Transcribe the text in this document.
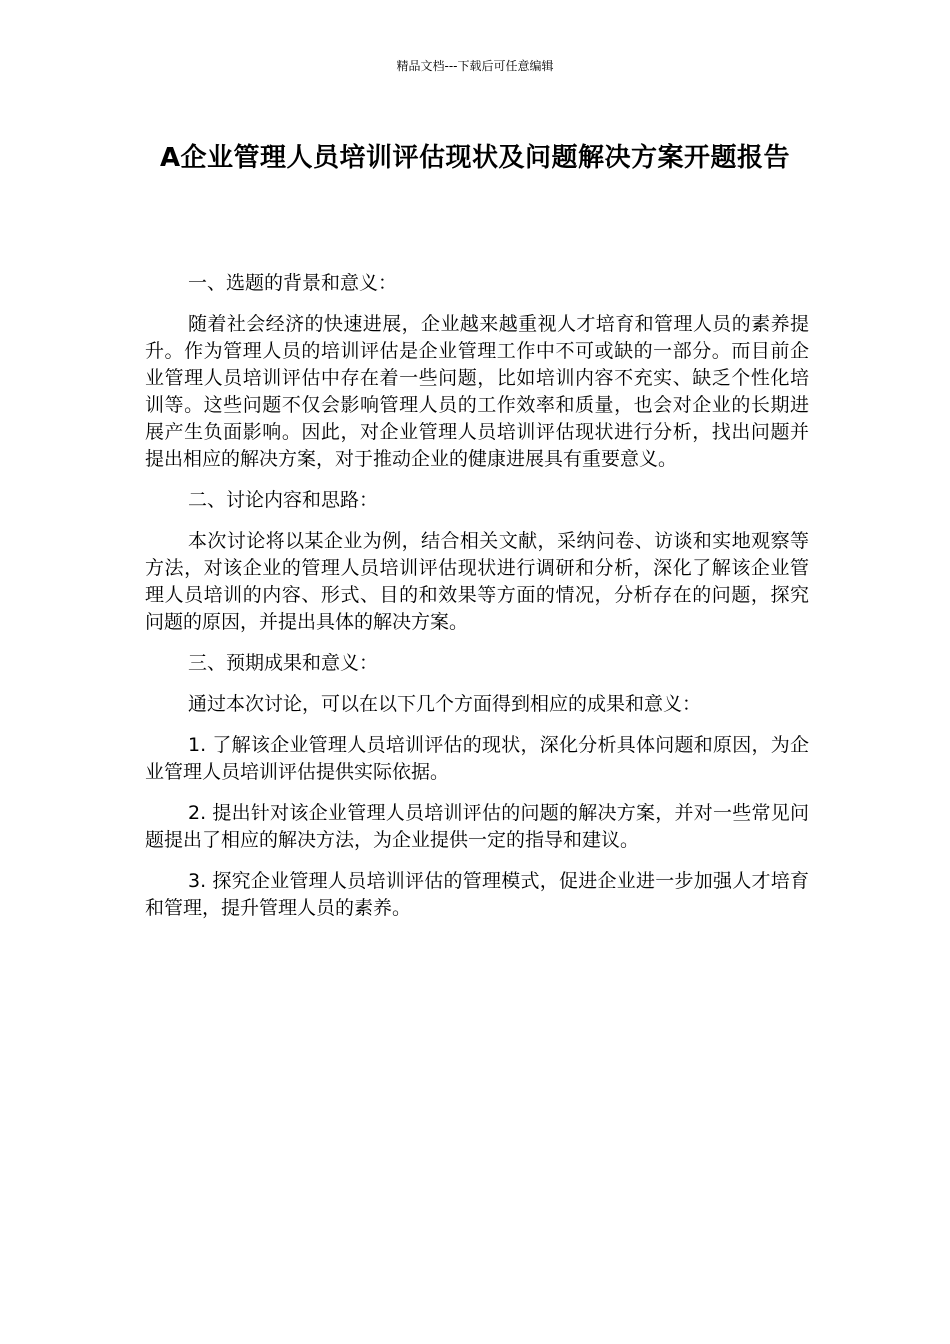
精品文档---下载后可任意编辑
A企业管理人员培训评估现状及问题解决方案开题报告

一、选题的背景和意义：

随着社会经济的快速进展，企业越来越重视人才培育和管理人员的素养提升。作为管理人员的培训评估是企业管理工作中不可或缺的一部分。而目前企业管理人员培训评估中存在着一些问题，比如培训内容不充实、缺乏个性化培训等。这些问题不仅会影响管理人员的工作效率和质量，也会对企业的长期进展产生负面影响。因此，对企业管理人员培训评估现状进行分析，找出问题并提出相应的解决方案，对于推动企业的健康进展具有重要意义。

二、讨论内容和思路：

本次讨论将以某企业为例，结合相关文献，采纳问卷、访谈和实地观察等方法，对该企业的管理人员培训评估现状进行调研和分析，深化了解该企业管理人员培训的内容、形式、目的和效果等方面的情况，分析存在的问题，探究问题的原因，并提出具体的解决方案。

三、预期成果和意义：

通过本次讨论，可以在以下几个方面得到相应的成果和意义：

1. 了解该企业管理人员培训评估的现状，深化分析具体问题和原因，为企业管理人员培训评估提供实际依据。

2. 提出针对该企业管理人员培训评估的问题的解决方案，并对一些常见问题提出了相应的解决方法，为企业提供一定的指导和建议。

3. 探究企业管理人员培训评估的管理模式，促进企业进一步加强人才培育和管理，提升管理人员的素养。
